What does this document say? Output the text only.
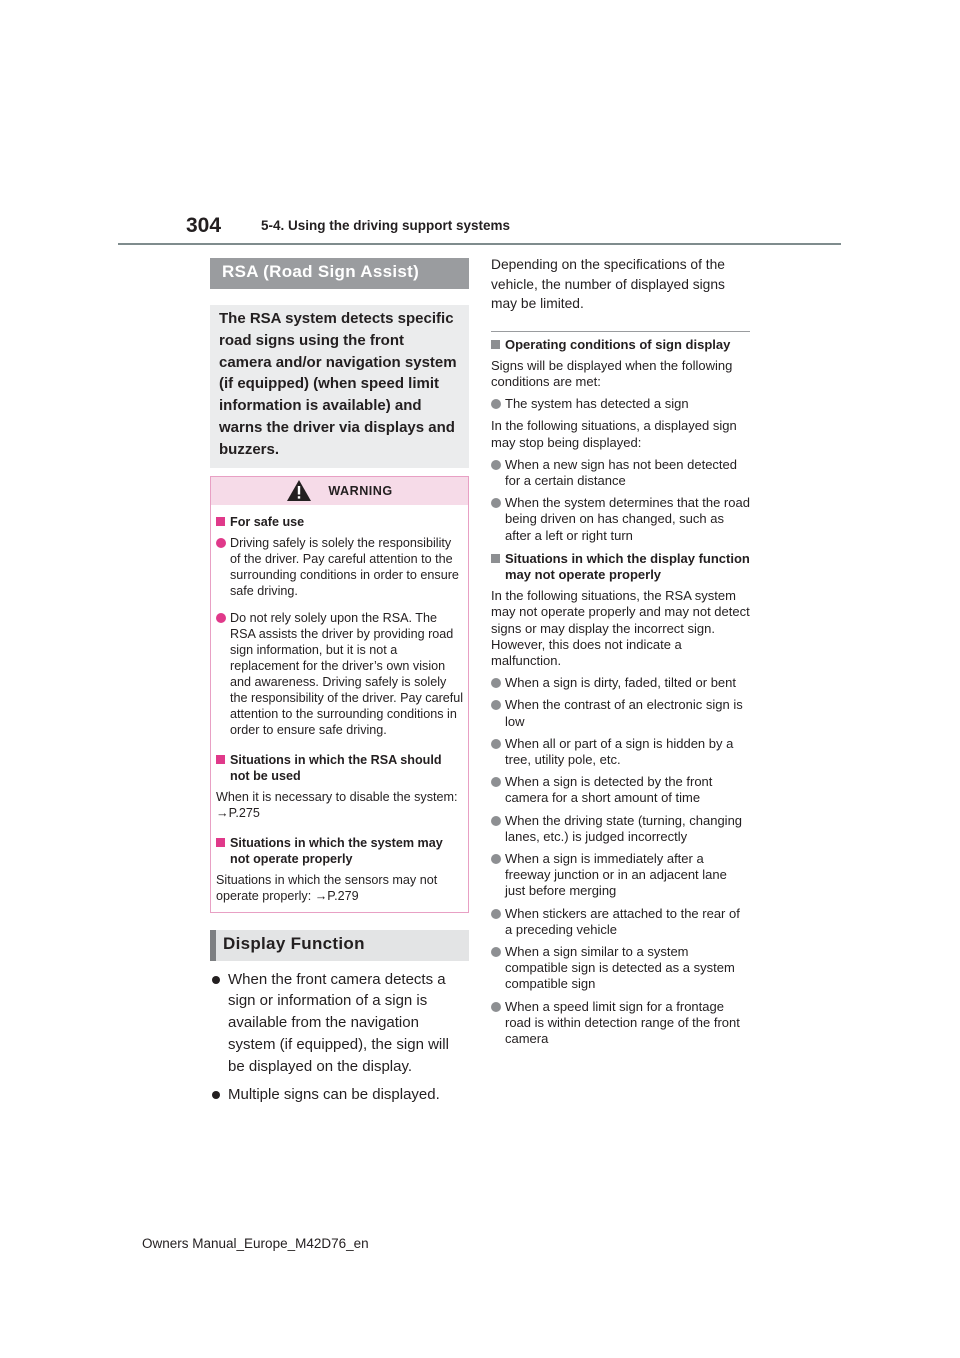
304	5-4. Using the driving support systems
RSA (Road Sign Assist)
The RSA system detects specific road signs using the front camera and/or navigation system (if equipped) (when speed limit information is available) and warns the driver via displays and buzzers.
WARNING
For safe use
Driving safely is solely the responsibility of the driver. Pay careful attention to the surrounding conditions in order to ensure safe driving.
Do not rely solely upon the RSA. The RSA assists the driver by providing road sign information, but it is not a replacement for the driver’s own vision and awareness. Driving safely is solely the responsibility of the driver. Pay careful attention to the surrounding conditions in order to ensure safe driving.
Situations in which the RSA should not be used
When it is necessary to disable the system: →P.275
Situations in which the system may not operate properly
Situations in which the sensors may not operate properly: →P.279
Display Function
When the front camera detects a sign or information of a sign is available from the navigation system (if equipped), the sign will be displayed on the display.
Multiple signs can be displayed.
Depending on the specifications of the vehicle, the number of displayed signs may be limited.
Operating conditions of sign display
Signs will be displayed when the following conditions are met:
The system has detected a sign
In the following situations, a displayed sign may stop being displayed:
When a new sign has not been detected for a certain distance
When the system determines that the road being driven on has changed, such as after a left or right turn
Situations in which the display function may not operate properly
In the following situations, the RSA system may not operate properly and may not detect signs or may display the incorrect sign. However, this does not indicate a malfunction.
When a sign is dirty, faded, tilted or bent
When the contrast of an electronic sign is low
When all or part of a sign is hidden by a tree, utility pole, etc.
When a sign is detected by the front camera for a short amount of time
When the driving state (turning, changing lanes, etc.) is judged incorrectly
When a sign is immediately after a freeway junction or in an adjacent lane just before merging
When stickers are attached to the rear of a preceding vehicle
When a sign similar to a system compatible sign is detected as a system compatible sign
When a speed limit sign for a frontage road is within detection range of the front camera
Owners Manual_Europe_M42D76_en
